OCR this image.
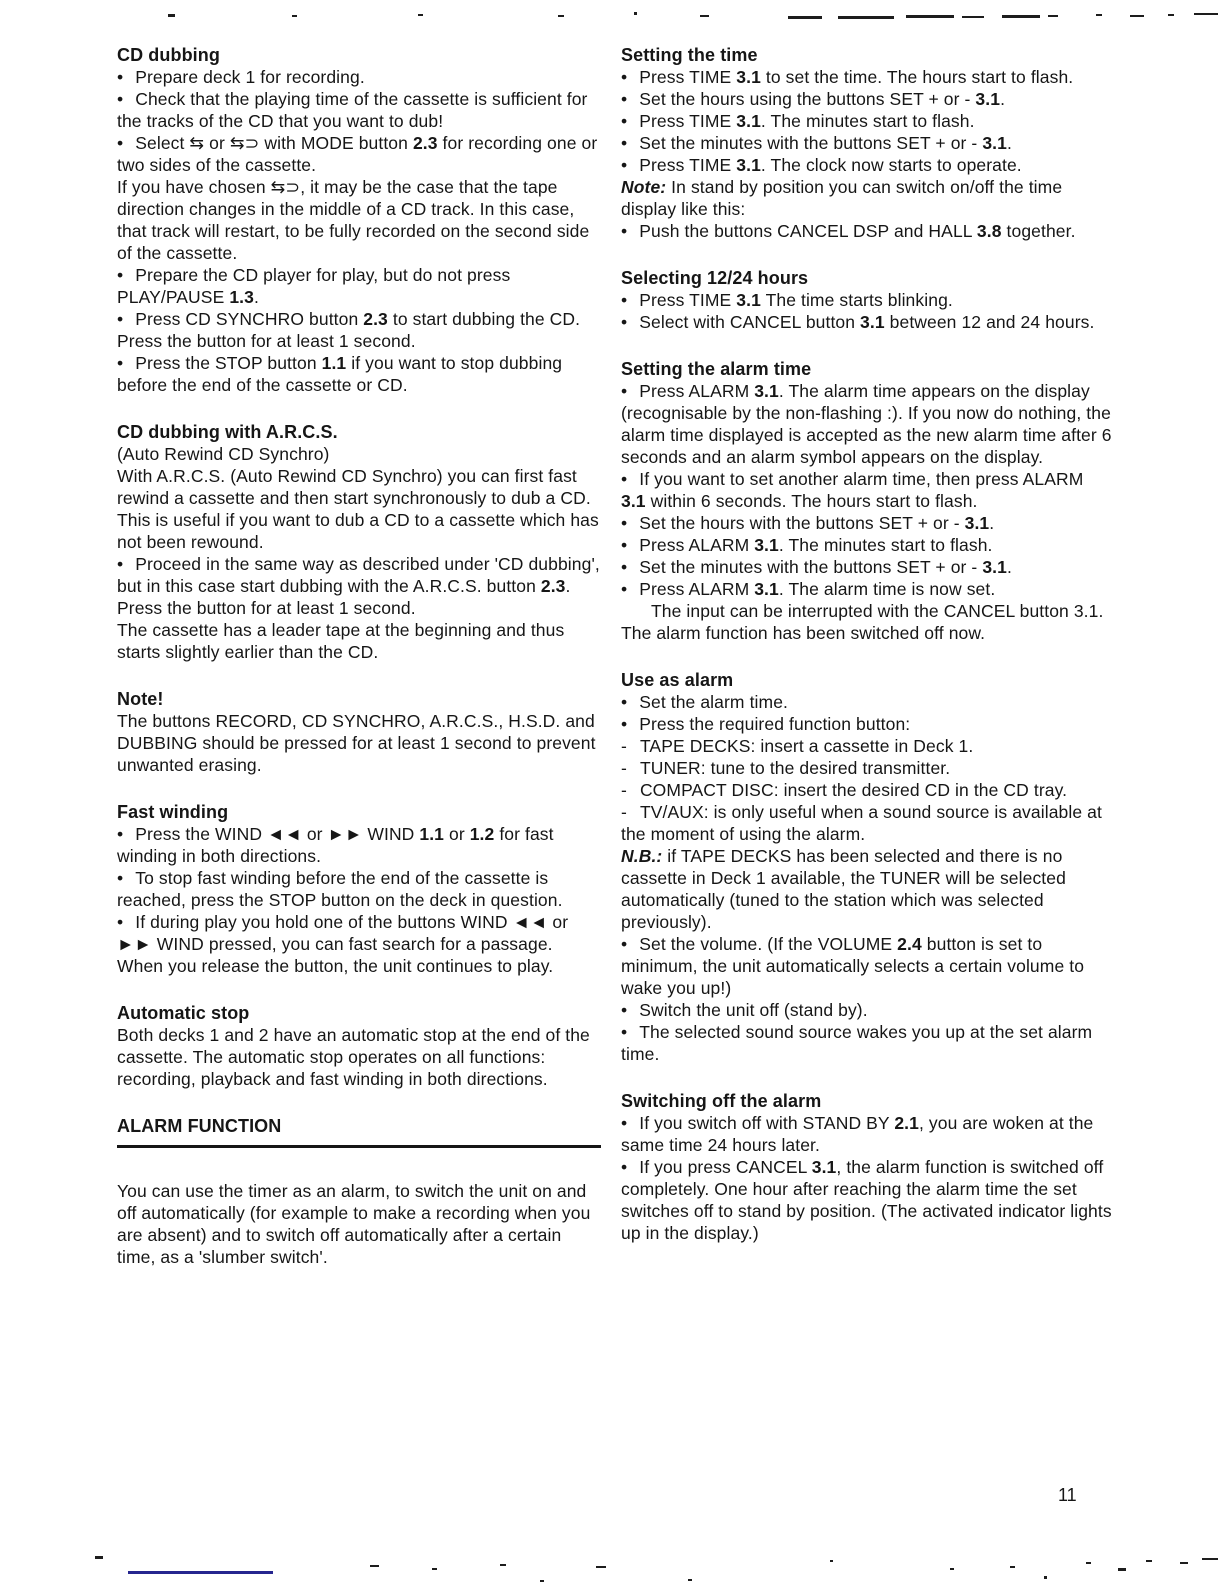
CD dubbing
• Prepare deck 1 for recording.
• Check that the playing time of the cassette is sufficient for the tracks of the CD that you want to dub!
• Select ⇆ or ⇆⊃ with MODE button 2.3 for recording one or two sides of the cassette.
If you have chosen ⇆⊃, it may be the case that the tape direction changes in the middle of a CD track. In this case, that track will restart, to be fully recorded on the second side of the cassette.
• Prepare the CD player for play, but do not press PLAY/PAUSE 1.3.
• Press CD SYNCHRO button 2.3 to start dubbing the CD. Press the button for at least 1 second.
• Press the STOP button 1.1 if you want to stop dubbing before the end of the cassette or CD.
CD dubbing with A.R.C.S.
(Auto Rewind CD Synchro)
With A.R.C.S. (Auto Rewind CD Synchro) you can first fast rewind a cassette and then start synchronously to dub a CD. This is useful if you want to dub a CD to a cassette which has not been rewound.
• Proceed in the same way as described under 'CD dubbing', but in this case start dubbing with the A.R.C.S. button 2.3. Press the button for at least 1 second.
The cassette has a leader tape at the beginning and thus starts slightly earlier than the CD.
Note!
The buttons RECORD, CD SYNCHRO, A.R.C.S., H.S.D. and DUBBING should be pressed for at least 1 second to prevent unwanted erasing.
Fast winding
• Press the WIND ◄◄ or ►► WIND 1.1 or 1.2 for fast winding in both directions.
• To stop fast winding before the end of the cassette is reached, press the STOP button on the deck in question.
• If during play you hold one of the buttons WIND ◄◄ or ►► WIND pressed, you can fast search for a passage. When you release the button, the unit continues to play.
Automatic stop
Both decks 1 and 2 have an automatic stop at the end of the cassette. The automatic stop operates on all functions: recording, playback and fast winding in both directions.
ALARM FUNCTION
You can use the timer as an alarm, to switch the unit on and off automatically (for example to make a recording when you are absent) and to switch off automatically after a certain time, as a 'slumber switch'.
Setting the time
• Press TIME 3.1 to set the time. The hours start to flash.
• Set the hours using the buttons SET + or - 3.1.
• Press TIME 3.1. The minutes start to flash.
• Set the minutes with the buttons SET + or - 3.1.
• Press TIME 3.1. The clock now starts to operate.
Note: In stand by position you can switch on/off the time display like this:
• Push the buttons CANCEL DSP and HALL 3.8 together.
Selecting 12/24 hours
• Press TIME 3.1 The time starts blinking.
• Select with CANCEL button 3.1 between 12 and 24 hours.
Setting the alarm time
• Press ALARM 3.1. The alarm time appears on the display (recognisable by the non-flashing :). If you now do nothing, the alarm time displayed is accepted as the new alarm time after 6 seconds and an alarm symbol appears on the display.
• If you want to set another alarm time, then press ALARM 3.1 within 6 seconds. The hours start to flash.
• Set the hours with the buttons SET + or - 3.1.
• Press ALARM 3.1. The minutes start to flash.
• Set the minutes with the buttons SET + or - 3.1.
• Press ALARM 3.1. The alarm time is now set.
The input can be interrupted with the CANCEL button 3.1. The alarm function has been switched off now.
Use as alarm
• Set the alarm time.
• Press the required function button:
- TAPE DECKS: insert a cassette in Deck 1.
- TUNER: tune to the desired transmitter.
- COMPACT DISC: insert the desired CD in the CD tray.
- TV/AUX: is only useful when a sound source is available at the moment of using the alarm.
N.B.: if TAPE DECKS has been selected and there is no cassette in Deck 1 available, the TUNER will be selected automatically (tuned to the station which was selected previously).
• Set the volume. (If the VOLUME 2.4 button is set to minimum, the unit automatically selects a certain volume to wake you up!)
• Switch the unit off (stand by).
• The selected sound source wakes you up at the set alarm time.
Switching off the alarm
• If you switch off with STAND BY 2.1, you are woken at the same time 24 hours later.
• If you press CANCEL 3.1, the alarm function is switched off completely. One hour after reaching the alarm time the set switches off to stand by position. (The activated indicator lights up in the display.)
11
